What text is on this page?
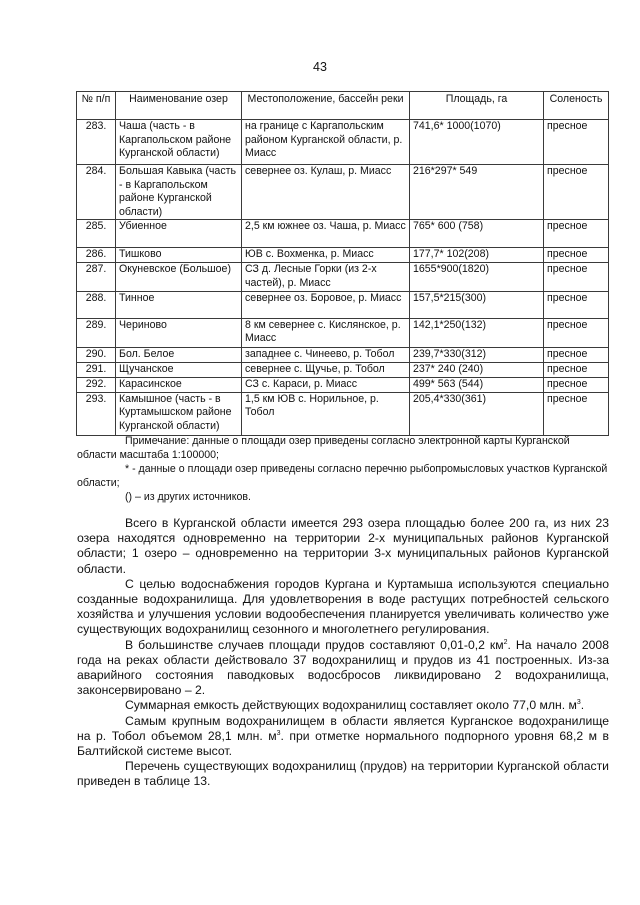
43
№ п/п	Наименование озер	Местоположение, бассейн реки	Площадь, га	Соленость
283.	Чаша (часть - в Каргапольском районе Курганской области)	на границе с Каргапольским районом Курганской области, р. Миасс	741,6* 1000(1070)	пресное
284.	Большая Кавыка (часть - в Каргапольском районе Курганской области)	севернее оз. Кулаш, р. Миасс	216*297* 549	пресное
285.	Убиенное	2,5 км южнее оз. Чаша, р. Миасс	765* 600 (758)	пресное
286.	Тишково	ЮВ с. Вохменка, р. Миасс	177,7* 102(208)	пресное
287.	Окуневское (Большое)	СЗ д. Лесные Горки (из 2-х частей), р. Миасс	1655*900(1820)	пресное
288.	Тинное	севернее оз. Боровое, р. Миасс	157,5*215(300)	пресное
289.	Чериново	8 км севернее с. Кислянское, р. Миасс	142,1*250(132)	пресное
290.	Бол. Белое	западнее с. Чинеево, р. Тобол	239,7*330(312)	пресное
291.	Щучанское	севернее с. Щучье, р. Тобол	237* 240 (240)	пресное
292.	Карасинское	СЗ с. Караси, р. Миасс	499* 563 (544)	пресное
293.	Камышное (часть - в Куртамышском районе Курганской области)	1,5 км ЮВ с. Норильное, р. Тобол	205,4*330(361)	пресное

Примечание: данные о площади озер приведены согласно электронной карты Курганской области масштаба 1:100000;

* - данные о площади озер приведены согласно перечню рыбопромысловых участков Курганской области;

() – из других источников.

Всего в Курганской области имеется 293 озера площадью более 200 га, из них 23 озера находятся одновременно на территории 2-х муниципальных районов Курганской области; 1 озеро – одновременно на территории 3-х муниципальных районов Курганской области.

С целью водоснабжения городов Кургана и Куртамыша используются специально созданные водохранилища. Для удовлетворения в воде растущих потребностей сельского хозяйства и улучшения условии водообеспечения планируется увеличивать количество уже существующих водохранилищ сезонного и многолетнего регулирования.

В большинстве случаев площади прудов составляют 0,01-0,2 $км^2$. На начало 2008 года на реках области действовало 37 водохранилищ и прудов из 41 построенных. Из-за аварийного состояния паводковых водосбросов ликвидировано 2 водохранилища, законсервировано – 2.

Суммарная емкость действующих водохранилищ составляет около 77,0 млн. $м^3$.

Самым крупным водохранилищем в области является Курганское водохранилище на р. Тобол объемом 28,1 млн. $м^3$. при отметке нормального подпорного уровня 68,2 м в Балтийской системе высот.

Перечень существующих водохранилищ (прудов) на территории Курганской области приведен в таблице 13.
